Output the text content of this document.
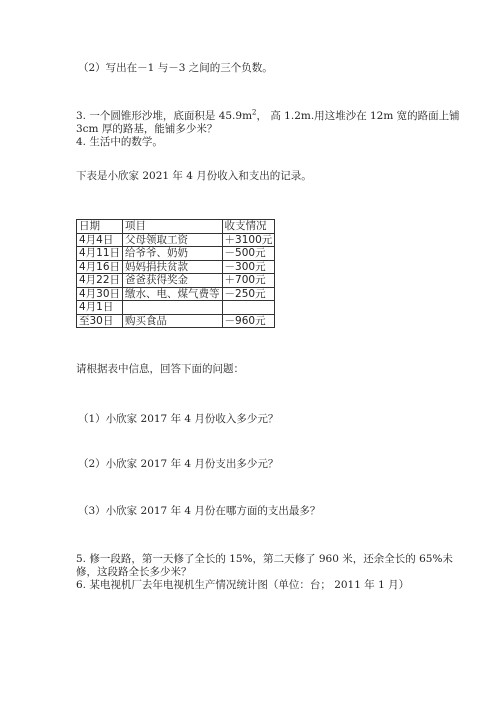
（2）写出在－1 与－3 之间的三个负数。
3. 一个圆锥形沙堆，底面积是 $45.9m^2$， 高 1.2m.用这堆沙在 12m 宽的路面上铺
3cm 厚的路基，能铺多少米？
4. 生活中的数学。
下表是小欣家 2021 年 4 月份收入和支出的记录。
日期	项目	收支情况
4月4日	父母领取工资	＋3100元
4月11日	给爷爷、奶奶	－500元
4月16日	妈妈捐扶贫款	－300元
4月22日	爸爸获得奖金	＋700元
4月30日	缴水、电、煤气费等	－250元
4月1日		
至30日	购买食品	－960元
请根据表中信息，回答下面的问题：
（1）小欣家 2017 年 4 月份收入多少元？
（2）小欣家 2017 年 4 月份支出多少元？
（3）小欣家 2017 年 4 月份在哪方面的支出最多？
5. 修一段路，第一天修了全长的 15%，第二天修了 960 米，还余全长的 65%未
修，这段路全长多少米？
6. 某电视机厂去年电视机生产情况统计图（单位：台； 2011 年 1 月）
